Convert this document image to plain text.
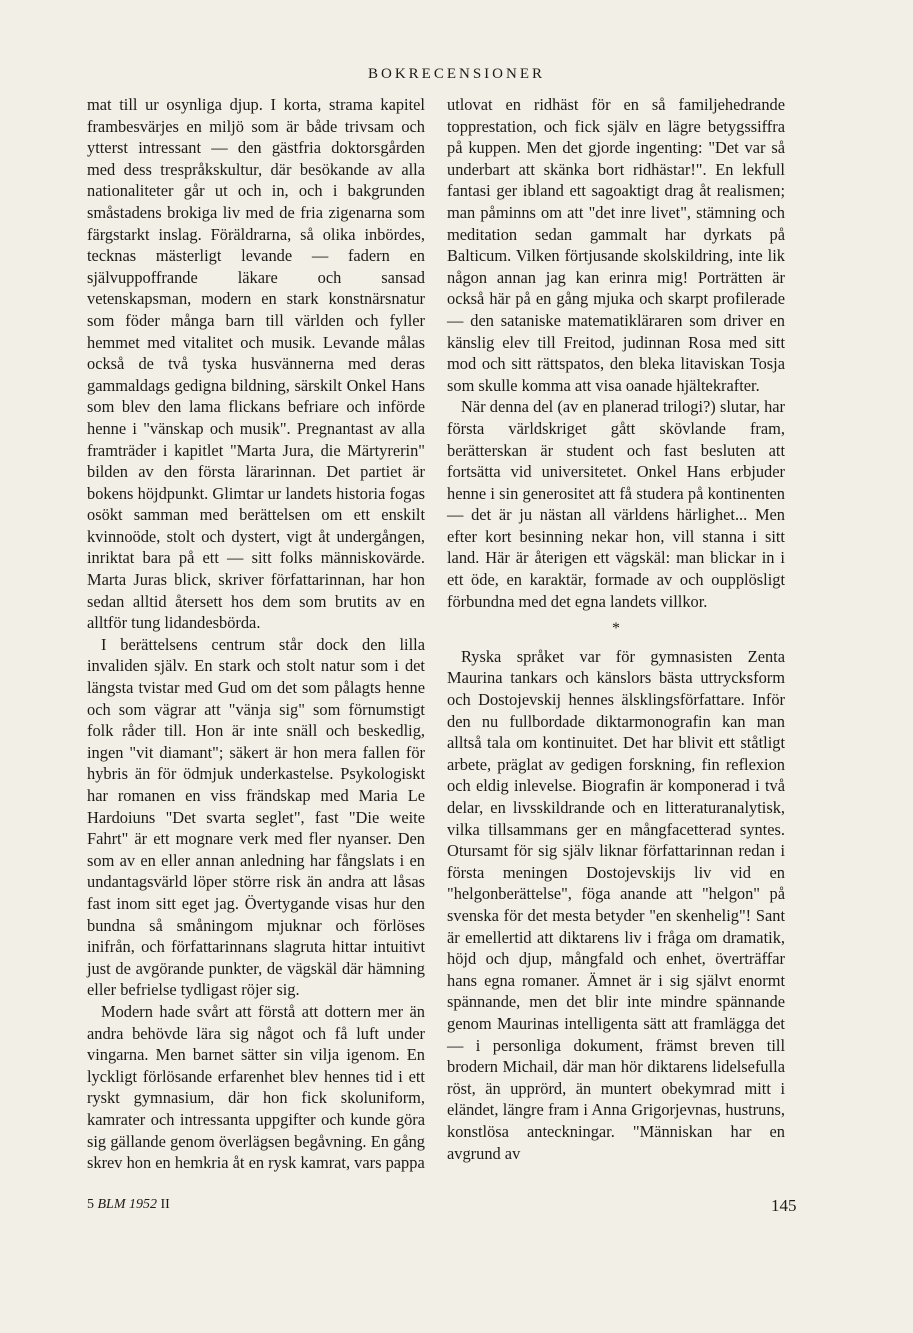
BOKRECENSIONER

mat till ur osynliga djup. I korta, strama kapitel frambesvärjes en miljö som är både trivsam och ytterst intressant — den gästfria doktorsgården med dess trespråkskultur, där besökande av alla nationaliteter går ut och in, och i bakgrunden småstadens brokiga liv med de fria zigenarna som färgstarkt inslag. Föräldrarna, så olika inbördes, tecknas mästerligt levande — fadern en självuppoffrande läkare och sansad vetenskapsman, modern en stark konstnärsnatur som föder många barn till världen och fyller hemmet med vitalitet och musik. Levande målas också de två tyska husvännerna med deras gammaldags gedigna bildning, särskilt Onkel Hans som blev den lama flickans befriare och införde henne i "vänskap och musik". Pregnantast av alla framträder i kapitlet "Marta Jura, die Märtyrerin" bilden av den första lärarinnan. Det partiet är bokens höjdpunkt. Glimtar ur landets historia fogas osökt samman med berättelsen om ett enskilt kvinnoöde, stolt och dystert, vigt åt undergången, inriktat bara på ett — sitt folks människovärde. Marta Juras blick, skriver författarinnan, har hon sedan alltid återsett hos dem som brutits av en alltför tung lidandesbörda.

I berättelsens centrum står dock den lilla invaliden själv. En stark och stolt natur som i det längsta tvistar med Gud om det som pålagts henne och som vägrar att "vänja sig" som förnumstigt folk råder till. Hon är inte snäll och beskedlig, ingen "vit diamant"; säkert är hon mera fallen för hybris än för ödmjuk underkastelse. Psykologiskt har romanen en viss frändskap med Maria Le Hardoiuns "Det svarta seglet", fast "Die weite Fahrt" är ett mognare verk med fler nyanser. Den som av en eller annan anledning har fångslats i en undantagsvärld löper större risk än andra att låsas fast inom sitt eget jag. Övertygande visas hur den bundna så småningom mjuknar och förlöses inifrån, och författarinnans slagruta hittar intuitivt just de avgörande punkter, de vägskäl där hämning eller befrielse tydligast röjer sig.

Modern hade svårt att förstå att dottern mer än andra behövde lära sig något och få luft under vingarna. Men barnet sätter sin vilja igenom. En lyckligt förlösande erfarenhet blev hennes tid i ett ryskt gymnasium, där hon fick skoluniform, kamrater och intressanta uppgifter och kunde göra sig gällande genom överlägsen begåvning. En gång skrev hon en hemkria åt en rysk kamrat, vars pappa

utlovat en ridhäst för en så familjehedrande topprestation, och fick själv en lägre betygssiffra på kuppen. Men det gjorde ingenting: "Det var så underbart att skänka bort ridhästar!". En lekfull fantasi ger ibland ett sagoaktigt drag åt realismen; man påminns om att "det inre livet", stämning och meditation sedan gammalt har dyrkats på Balticum. Vilken förtjusande skolskildring, inte lik någon annan jag kan erinra mig! Porträtten är också här på en gång mjuka och skarpt profilerade — den sataniske matematikläraren som driver en känslig elev till Freitod, judinnan Rosa med sitt mod och sitt rättspatos, den bleka litaviskan Tosja som skulle komma att visa oanade hjältekrafter.

När denna del (av en planerad trilogi?) slutar, har första världskriget gått skövlande fram, berätterskan är student och fast besluten att fortsätta vid universitetet. Onkel Hans erbjuder henne i sin generositet att få studera på kontinenten — det är ju nästan all världens härlighet... Men efter kort besinning nekar hon, vill stanna i sitt land. Här är återigen ett vägskäl: man blickar in i ett öde, en karaktär, formade av och oupplösligt förbundna med det egna landets villkor.

*

Ryska språket var för gymnasisten Zenta Maurina tankars och känslors bästa uttrycksform och Dostojevskij hennes älsklingsförfattare. Inför den nu fullbordade diktarmonografin kan man alltså tala om kontinuitet. Det har blivit ett ståtligt arbete, präglat av gedigen forskning, fin reflexion och eldig inlevelse. Biografin är komponerad i två delar, en livsskildrande och en litteraturanalytisk, vilka tillsammans ger en mångfacetterad syntes. Otursamt för sig själv liknar författarinnan redan i första meningen Dostojevskijs liv vid en "helgonberättelse", föga anande att "helgon" på svenska för det mesta betyder "en skenhelig"! Sant är emellertid att diktarens liv i fråga om dramatik, höjd och djup, mångfald och enhet, överträffar hans egna romaner. Ämnet är i sig självt enormt spännande, men det blir inte mindre spännande genom Maurinas intelligenta sätt att framlägga det — i personliga dokument, främst breven till brodern Michail, där man hör diktarens lidelsefulla röst, än upprörd, än muntert obekymrad mitt i eländet, längre fram i Anna Grigorjevnas, hustruns, konstlösa anteckningar. "Människan har en avgrund av

5 BLM 1952 II	145
